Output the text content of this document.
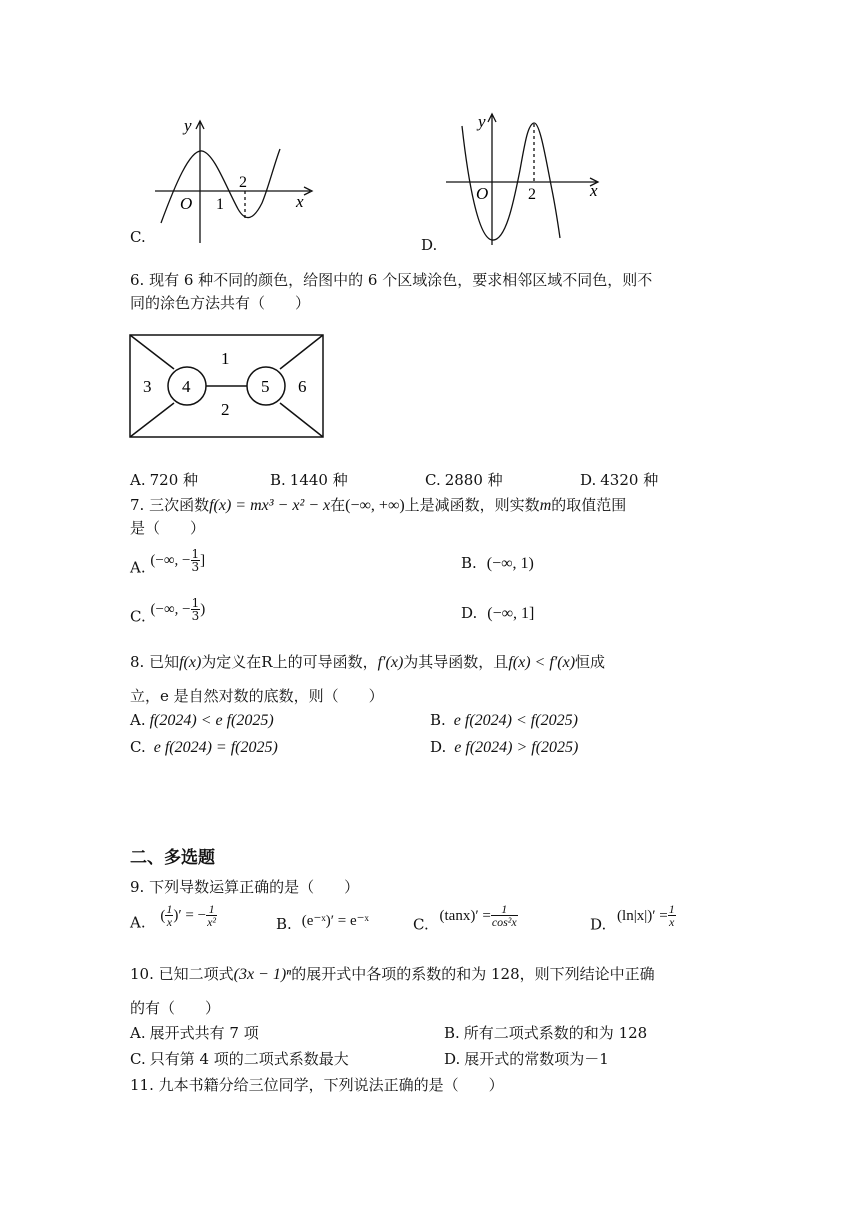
y
x
O 1
2
C.
y
x
O 2
D.
6. 现有 6 种不同的颜色，给图中的 6 个区域涂色，要求相邻区域不同色，则不
同的涂色方法共有（　　）
1
2
3 4	5 6
A. 720 种	B. 1440 种	C. 2880 种	D. 4320 种
7. 三次函数f(x) = mx³ − x² − x在(−∞, +∞)上是减函数，则实数m的取值范围
是（　　）
A. (−∞, − $\frac{1}{3}$ ]	B. (−∞, 1)
C. (−∞, − $\frac{1}{3}$ )	D. (−∞, 1]
8. 已知f(x)为定义在R上的可导函数，f′(x)为其导函数，且f(x) < f′(x)恒成
立，e 是自然对数的底数，则（　　）
A. f(2024) < e f(2025)	B. e f(2024) < f(2025)
C. e f(2024) = f(2025)	D. e f(2024) > f(2025)
二、多选题
9. 下列导数运算正确的是（　　）
A. ( $\frac{1}{x}$ )′ = − $\frac{1}{\text{x²}}$	B. (e⁻ˣ)′ = e⁻ˣ	C. $(\tan x)' = \frac{1}{\text{cos²x}}$	D. $(\ln|x|)' = \frac{1}{x}$
10. 已知二项式(3x − 1)ⁿ的展开式中各项的系数的和为 128，则下列结论中正确
的有（　　）
A. 展开式共有 7 项	B. 所有二项式系数的和为 128
C. 只有第 4 项的二项式系数最大	D. 展开式的常数项为－1
11. 九本书籍分给三位同学，下列说法正确的是（　　）
